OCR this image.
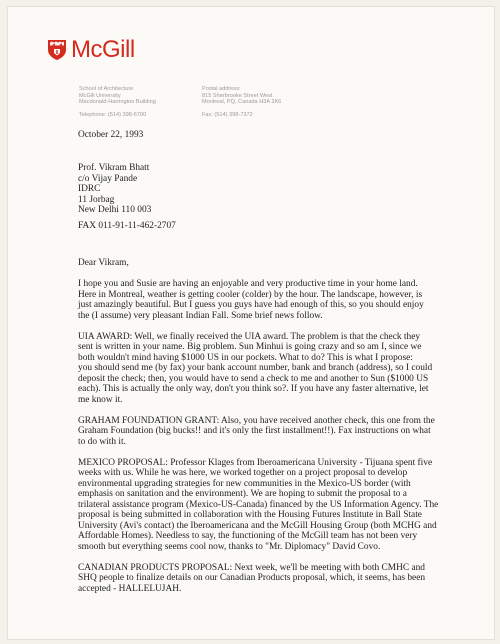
McGill
School of Architecture
McGill University
Macdonald-Harrington Building
Postal address:
815 Sherbrooke Street West
Montreal, PQ, Canada H3A 2K6
Telephone: (514) 398-6700	Fax: (514) 398-7372
October 22, 1993
Prof. Vikram Bhatt
c/o Vijay Pande
IDRC
11 Jorbag
New Delhi 110 003
FAX 011-91-11-462-2707

Dear Vikram,

I hope you and Susie are having an enjoyable and very productive time in your home land.
Here in Montreal, weather is getting cooler (colder) by the hour. The landscape, however, is
just amazingly beautiful. But I guess you guys have had enough of this, so you should enjoy
the (I assume) very pleasant Indian Fall. Some brief news follow.

UIA AWARD: Well, we finally received the UIA award. The problem is that the check they
sent is written in your name. Big problem. Sun Minhui is going crazy and so am I, since we
both wouldn't mind having $1000 US in our pockets. What to do? This is what I propose:
you should send me (by fax) your bank account number, bank and branch (address), so I could
deposit the check; then, you would have to send a check to me and another to Sun ($1000 US
each). This is actually the only way, don't you think so?. If you have any faster alternative, let
me know it.

GRAHAM FOUNDATION GRANT: Also, you have received another check, this one from the
Graham Foundation (big bucks!! and it's only the first installment!!). Fax instructions on what
to do with it.

MEXICO PROPOSAL: Professor Klages from Iberoamericana University - Tijuana spent five
weeks with us. While he was here, we worked together on a project proposal to develop
environmental upgrading strategies for new communities in the Mexico-US border (with
emphasis on sanitation and the environment). We are hoping to submit the proposal to a
trilateral assistance program (Mexico-US-Canada) financed by the US Information Agency. The
proposal is being submitted in collaboration with the Housing Futures Institute in Ball State
University (Avi's contact) the Iberoamericana and the McGill Housing Group (both MCHG and
Affordable Homes). Needless to say, the functioning of the McGill team has not been very
smooth but everything seems cool now, thanks to "Mr. Diplomacy" David Covo.

CANADIAN PRODUCTS PROPOSAL: Next week, we'll be meeting with both CMHC and
SHQ people to finalize details on our Canadian Products proposal, which, it seems, has been
accepted - HALLELUJAH.
